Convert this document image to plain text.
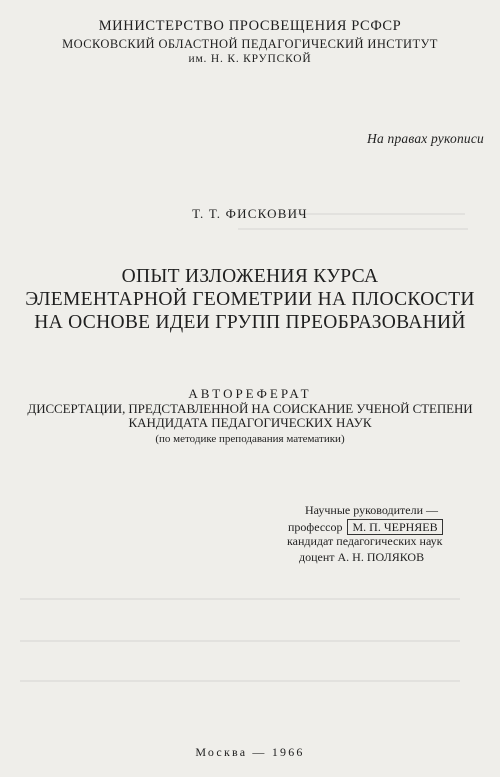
МИНИСТЕРСТВО ПРОСВЕЩЕНИЯ РСФСР
МОСКОВСКИЙ ОБЛАСТНОЙ ПЕДАГОГИЧЕСКИЙ ИНСТИТУТ
им. Н. К. КРУПСКОЙ
На правах рукописи
Т. Т. ФИСКОВИЧ
ОПЫТ ИЗЛОЖЕНИЯ КУРСА
ЭЛЕМЕНТАРНОЙ ГЕОМЕТРИИ НА ПЛОСКОСТИ
НА ОСНОВЕ ИДЕИ ГРУПП ПРЕОБРАЗОВАНИЙ
АВТОРЕФЕРАТ
ДИССЕРТАЦИИ, ПРЕДСТАВЛЕННОЙ НА СОИСКАНИЕ УЧЕНОЙ СТЕПЕНИ
КАНДИДАТА ПЕДАГОГИЧЕСКИХ НАУК
(по методике преподавания математики)
Научные руководители —
профессор М. П. ЧЕРНЯЕВ
кандидат педагогических наук
доцент А. Н. ПОЛЯКОВ
Москва — 1966
